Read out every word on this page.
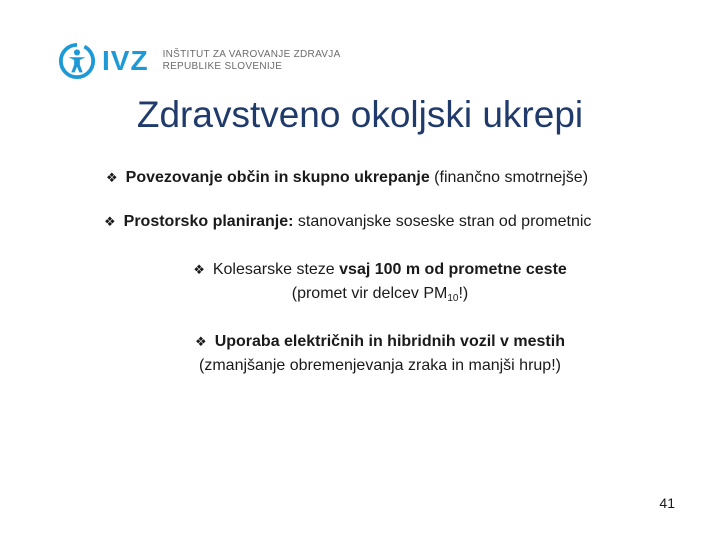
IVZ INŠTITUT ZA VAROVANJE ZDRAVJA
REPUBLIKE SLOVENIJE
Zdravstveno okoljski ukrepi
❖ Povezovanje občin in skupno ukrepanje (finančno smotrnejše)
❖ Prostorsko planiranje: stanovanjske soseske stran od prometnic
❖ Kolesarske steze vsaj 100 m od prometne ceste
(promet vir delcev $PM_{10}$!)
❖ Uporaba električnih in hibridnih vozil v mestih
(zmanjšanje obremenjevanja zraka in manjši hrup!)
41
